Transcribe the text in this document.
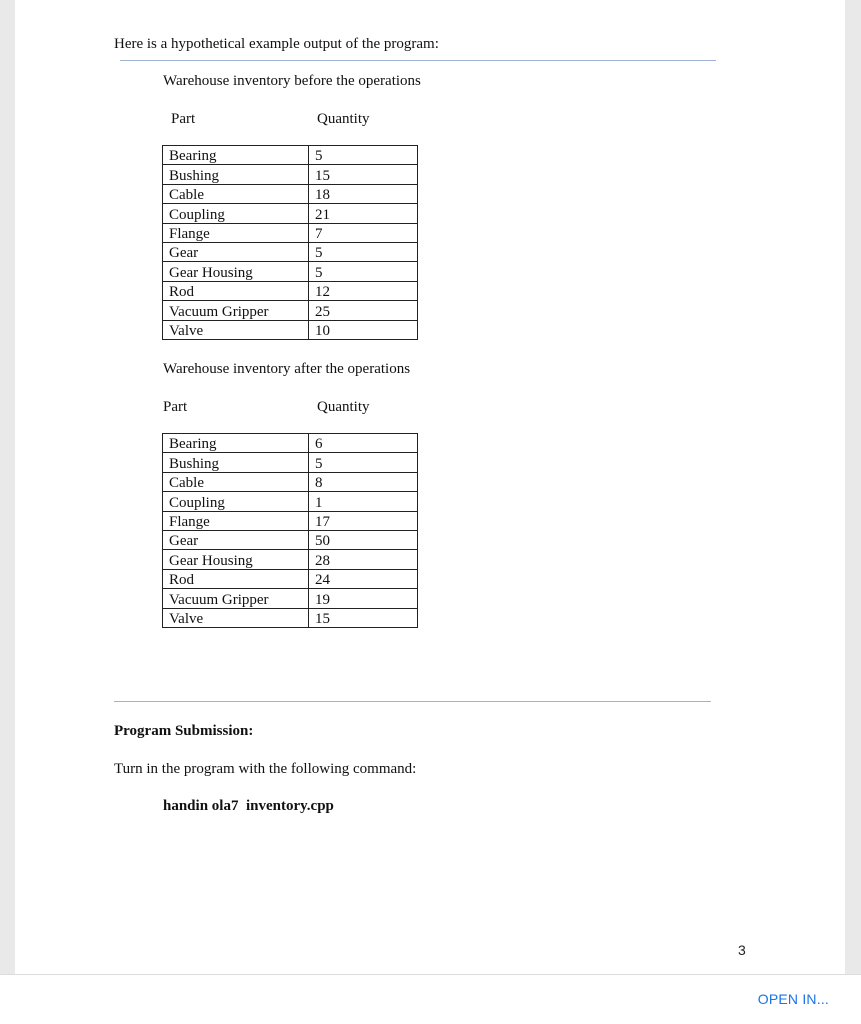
Here is a hypothetical example output of the program:
Warehouse inventory before the operations
Part	Quantity
Bearing	5
Bushing	15
Cable	18
Coupling	21
Flange	7
Gear	5
Gear Housing	5
Rod	12
Vacuum Gripper	25
Valve	10
Warehouse inventory after the operations
Part	Quantity
Bearing	6
Bushing	5
Cable	8
Coupling	1
Flange	17
Gear	50
Gear Housing	28
Rod	24
Vacuum Gripper	19
Valve	15
Program Submission:
Turn in the program with the following command:
handin ola7  inventory.cpp
3
OPEN IN...
